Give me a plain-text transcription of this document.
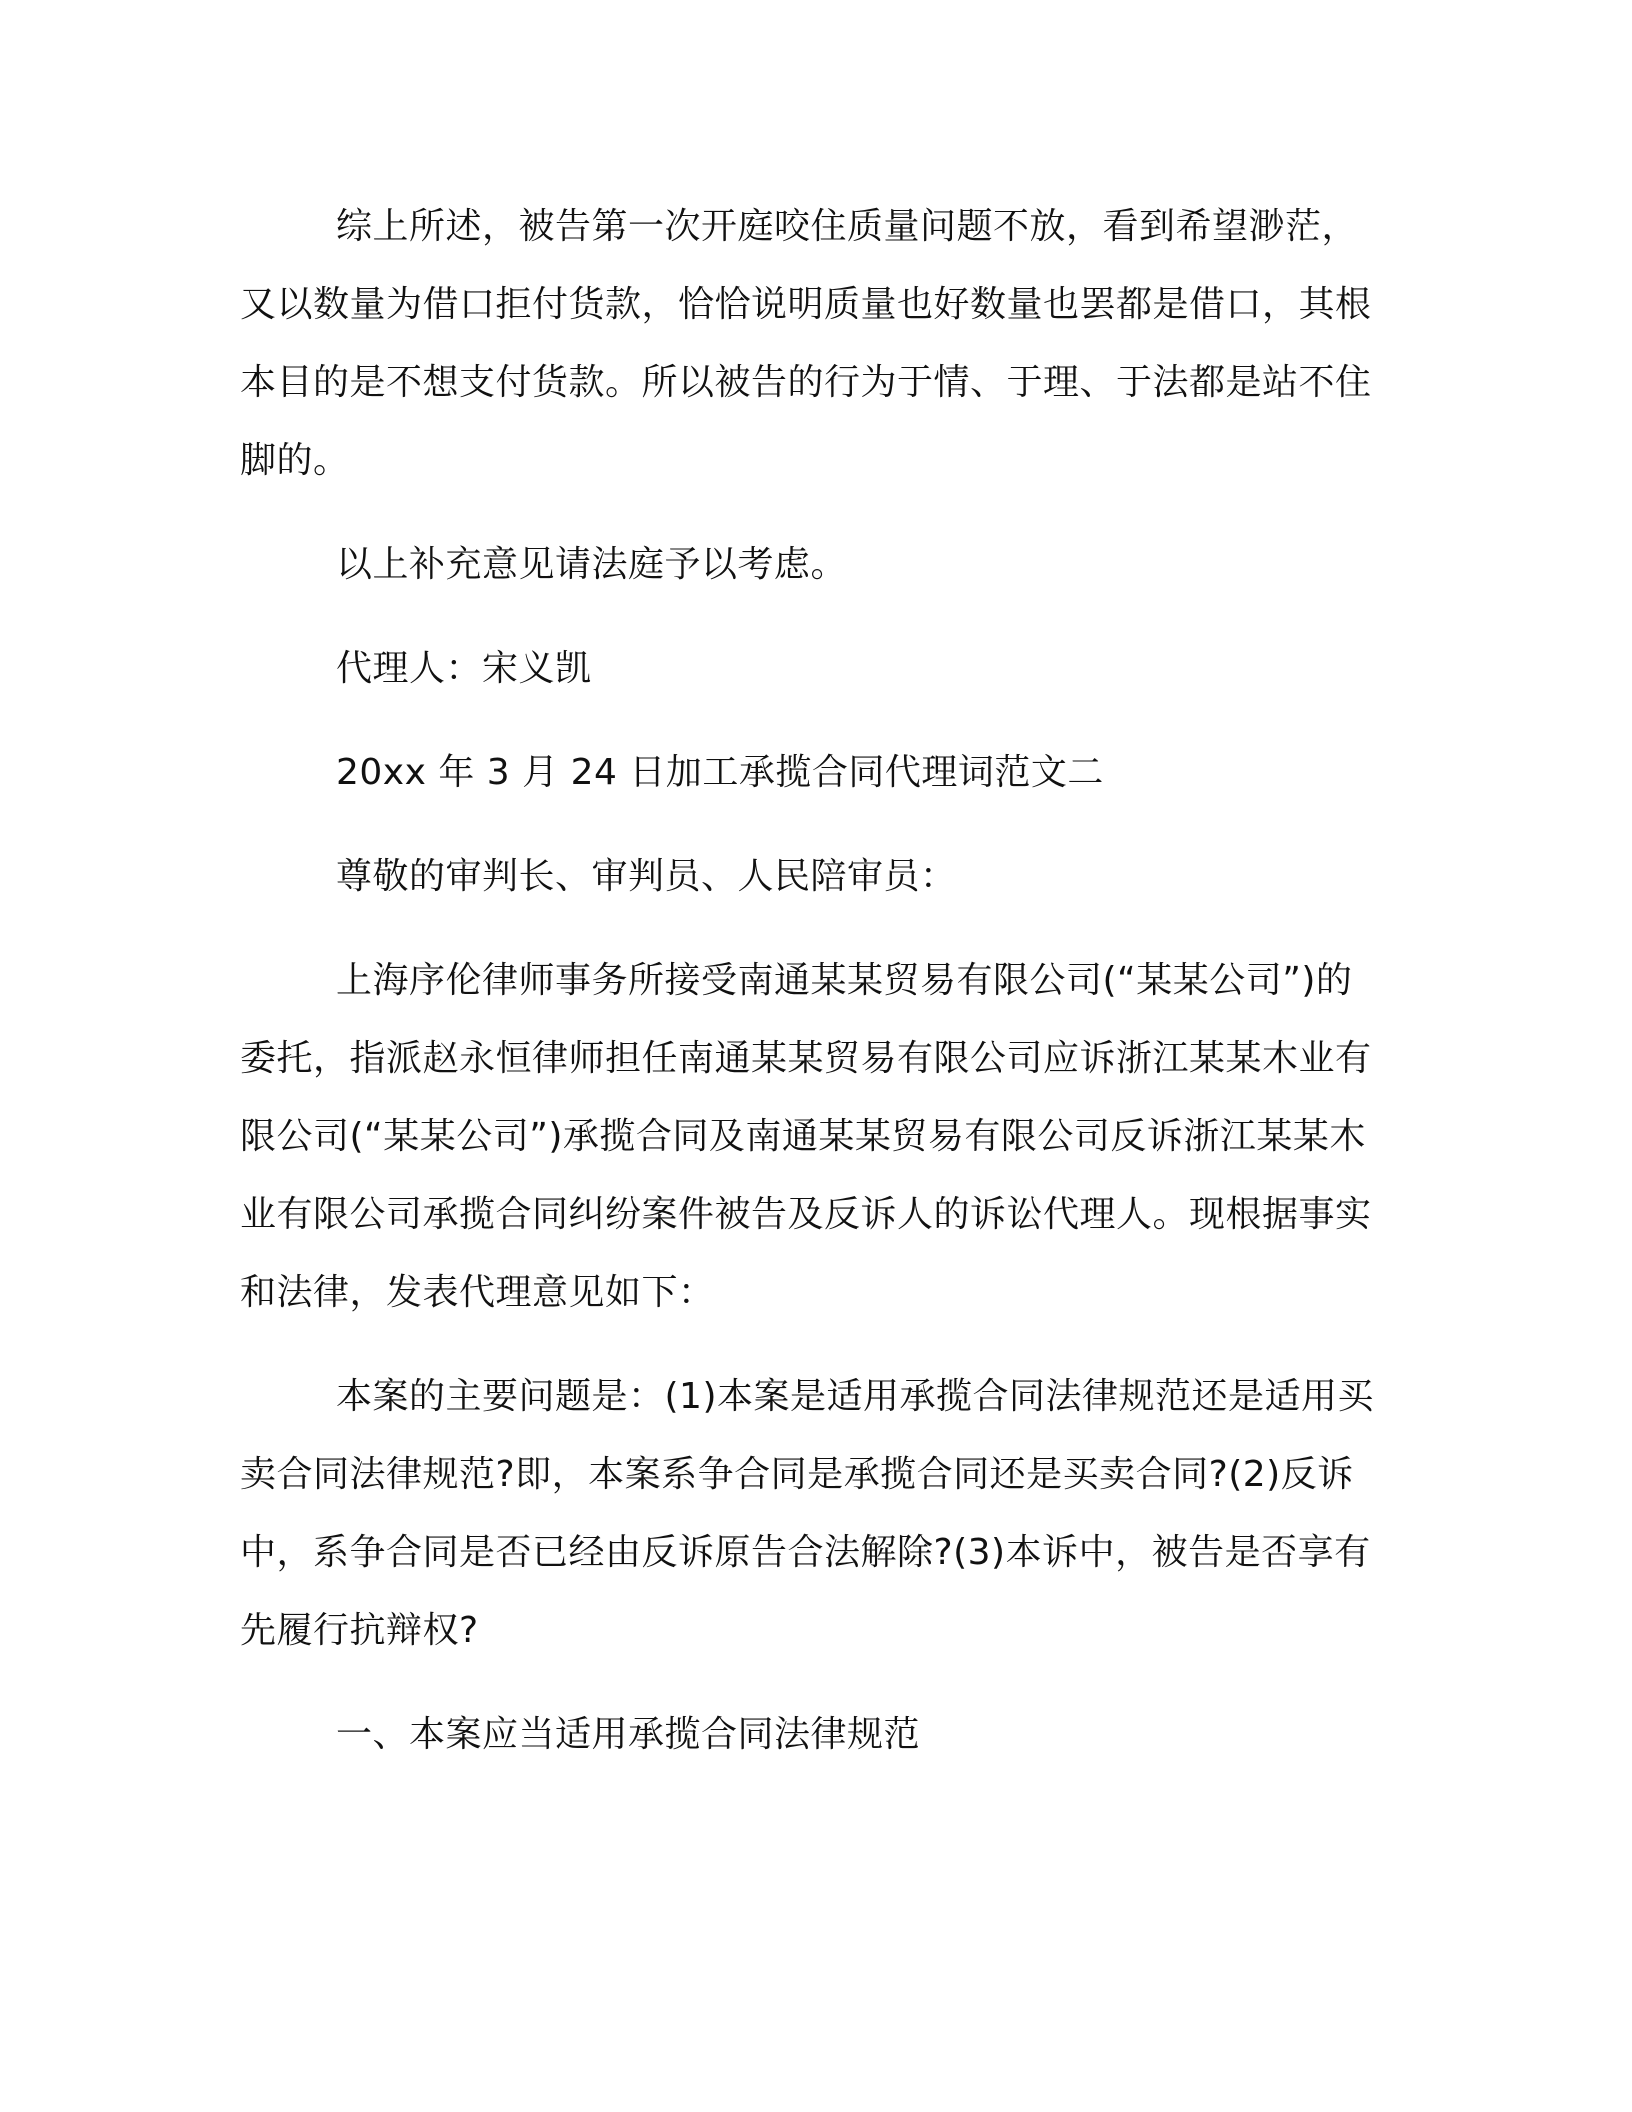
综上所述，被告第一次开庭咬住质量问题不放，看到希望渺茫，又以数量为借口拒付货款，恰恰说明质量也好数量也罢都是借口，其根本目的是不想支付货款。所以被告的行为于情、于理、于法都是站不住脚的。

以上补充意见请法庭予以考虑。

代理人：宋义凯

20xx 年 3 月 24 日加工承揽合同代理词范文二

尊敬的审判长、审判员、人民陪审员：

上海序伦律师事务所接受南通某某贸易有限公司(“某某公司”)的委托，指派赵永恒律师担任南通某某贸易有限公司应诉浙江某某木业有限公司(“某某公司”)承揽合同及南通某某贸易有限公司反诉浙江某某木业有限公司承揽合同纠纷案件被告及反诉人的诉讼代理人。现根据事实和法律，发表代理意见如下：

本案的主要问题是：(1)本案是适用承揽合同法律规范还是适用买卖合同法律规范?即，本案系争合同是承揽合同还是买卖合同?(2)反诉中，系争合同是否已经由反诉原告合法解除?(3)本诉中，被告是否享有先履行抗辩权?

一、本案应当适用承揽合同法律规范
